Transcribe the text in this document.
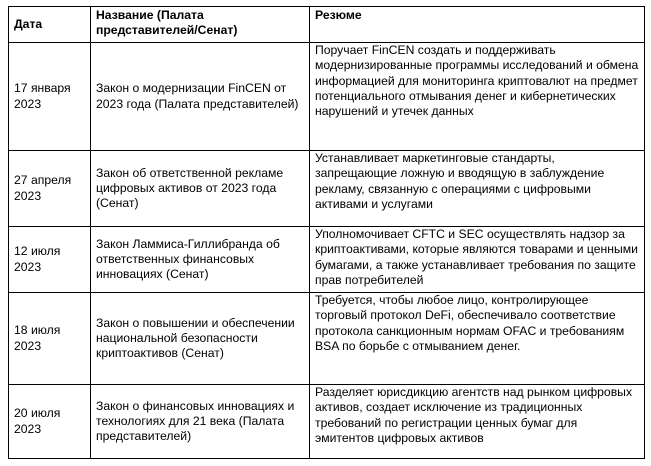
Дата	Название (Палата представителей/Сенат)	Резюме
17 января 2023	Закон о модернизации FinCEN от 2023 года (Палата представителей)	Поручает FinCEN создать и поддерживать модернизированные программы исследований и обмена информацией для мониторинга криптовалют на предмет потенциального отмывания денег и кибернетических нарушений и утечек данных
27 апреля 2023	Закон об ответственной рекламе цифровых активов от 2023 года (Сенат)	Устанавливает маркетинговые стандарты, запрещающие ложную и вводящую в заблуждение рекламу, связанную с операциями с цифровыми активами и услугами
12 июля 2023	Закон Ламмиса-Гиллибранда об ответственных финансовых инновациях (Сенат)	Уполномочивает CFTC и SEC осуществлять надзор за криптоактивами, которые являются товарами и ценными бумагами, а также устанавливает требования по защите прав потребителей
18 июля 2023	Закон о повышении и обеспечении национальной безопасности криптоактивов (Сенат)	Требуется, чтобы любое лицо, контролирующее торговый протокол DeFi, обеспечивало соответствие протокола санкционным нормам OFAC и требованиям BSA по борьбе с отмыванием денег.
20 июля 2023	Закон о финансовых инновациях и технологиях для 21 века (Палата представителей)	Разделяет юрисдикцию агентств над рынком цифровых активов, создает исключение из традиционных требований по регистрации ценных бумаг для эмитентов цифровых активов
